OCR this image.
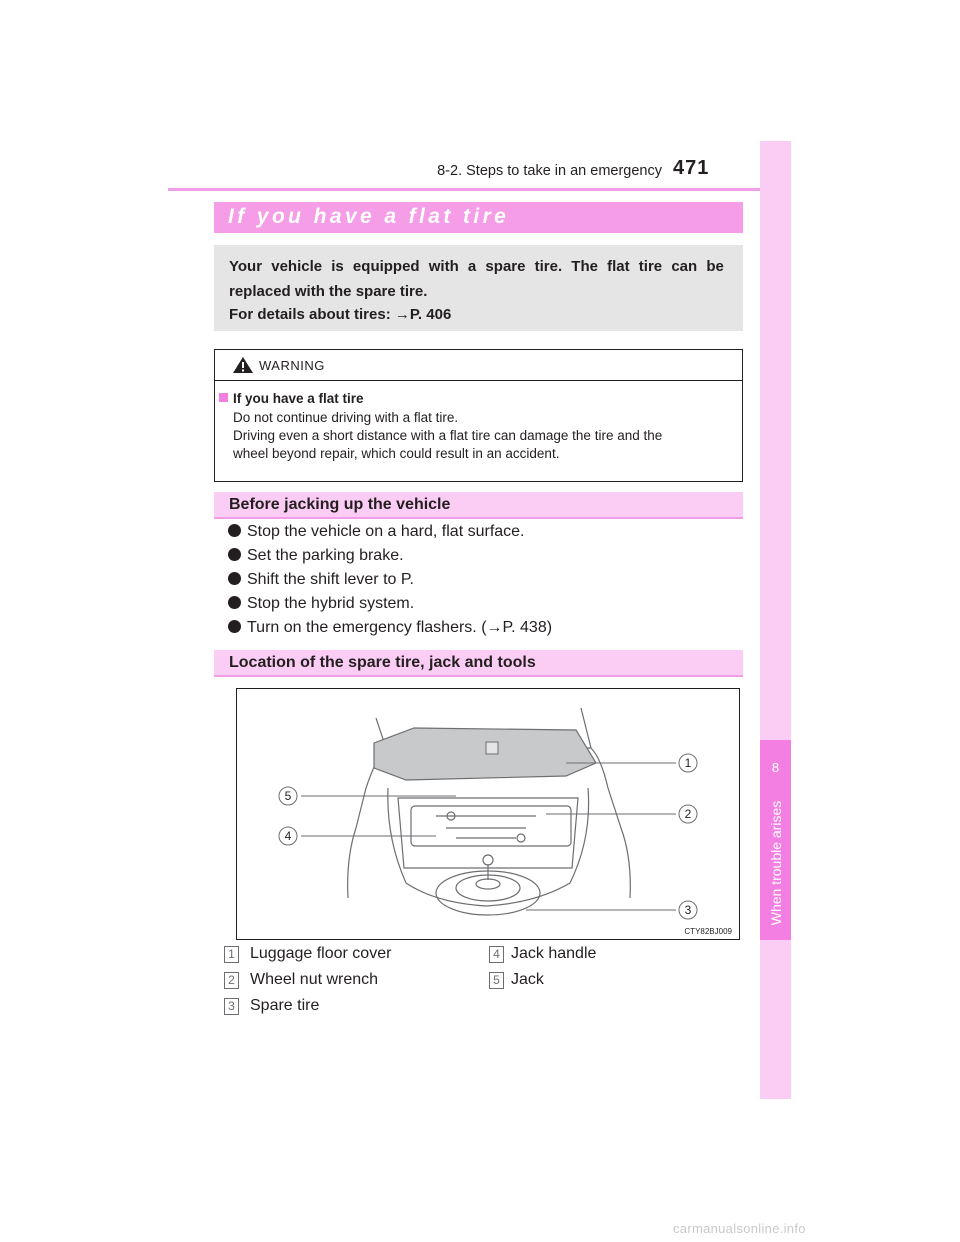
8-2. Steps to take in an emergency 471
8
When trouble arises
If you have a flat tire
Your vehicle is equipped with a spare tire. The flat tire can be
replaced with the spare tire.
For details about tires: →P. 406
WARNING
If you have a flat tire
Do not continue driving with a flat tire.
Driving even a short distance with a flat tire can damage the tire and the
wheel beyond repair, which could result in an accident.
Before jacking up the vehicle
Stop the vehicle on a hard, flat surface.
Set the parking brake.
Shift the shift lever to P.
Stop the hybrid system.
Turn on the emergency flashers. (→P. 438)
Location of the spare tire, jack and tools
1
2
3
4
5
CTY82BJ009
1 Luggage floor cover
2 Wheel nut wrench
3 Spare tire
4 Jack handle
5 Jack
carmanualsonline.info
